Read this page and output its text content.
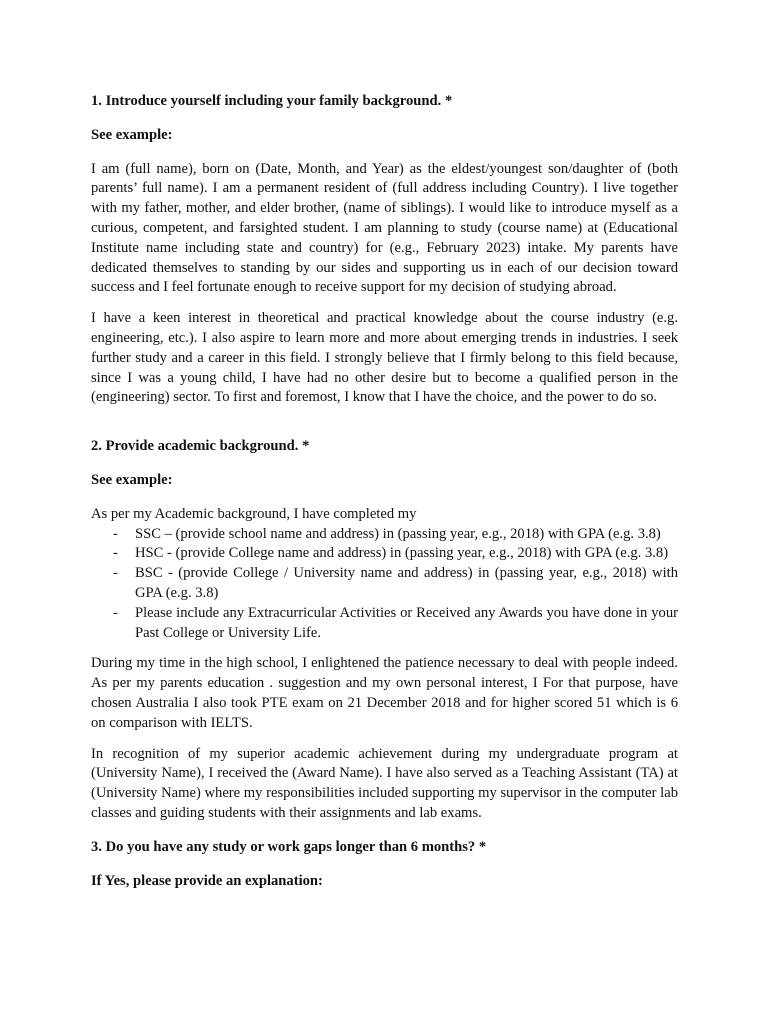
1. Introduce yourself including your family background. *
See example:

I am (full name), born on (Date, Month, and Year) as the eldest/youngest son/daughter of (both parents’ full name). I am a permanent resident of (full address including Country). I live together with my father, mother, and elder brother, (name of siblings). I would like to introduce myself as a curious, competent, and farsighted student. I am planning to study (course name) at (Educational Institute name including state and country) for (e.g., February 2023) intake. My parents have dedicated themselves to standing by our sides and supporting us in each of our decision toward success and I feel fortunate enough to receive support for my decision of studying abroad.

I have a keen interest in theoretical and practical knowledge about the course industry (e.g. engineering, etc.). I also aspire to learn more and more about emerging trends in industries. I seek further study and a career in this field. I strongly believe that I firmly belong to this field because, since I was a young child, I have had no other desire but to become a qualified person in the (engineering) sector. To first and foremost, I know that I have the choice, and the power to do so.

2. Provide academic background. *
See example:

As per my Academic background, I have completed my

- SSC – (provide school name and address) in (passing year, e.g., 2018) with GPA (e.g. 3.8)
- HSC - (provide College name and address) in (passing year, e.g., 2018) with GPA (e.g. 3.8)
- BSC - (provide College / University name and address) in (passing year, e.g., 2018) with GPA (e.g. 3.8)
- Please include any Extracurricular Activities or Received any Awards you have done in your Past College or University Life.

During my time in the high school, I enlightened the patience necessary to deal with people indeed. As per my parents education . suggestion and my own personal interest, I For that purpose, have chosen Australia I also took PTE exam on 21 December 2018 and for higher scored 51 which is 6 on comparison with IELTS.

In recognition of my superior academic achievement during my undergraduate program at (University Name), I received the (Award Name). I have also served as a Teaching Assistant (TA) at (University Name) where my responsibilities included supporting my supervisor in the computer lab classes and guiding students with their assignments and lab exams.

3. Do you have any study or work gaps longer than 6 months? *
If Yes, please provide an explanation:
